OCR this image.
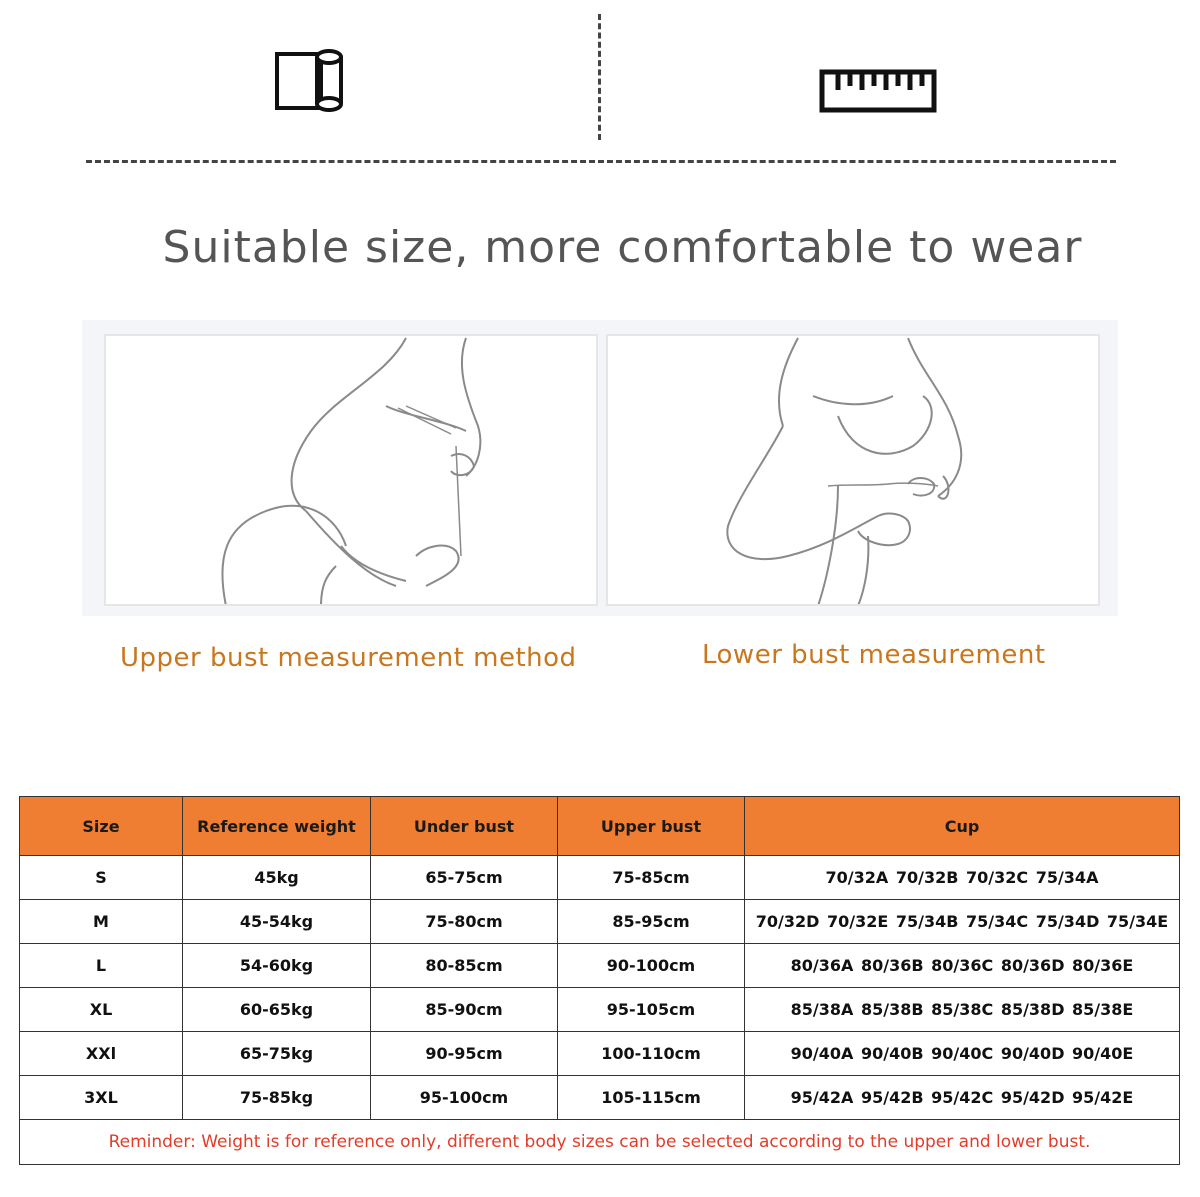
Suitable size, more comfortable to wear
Upper bust measurement method	Lower bust measurement
Size	Reference weight	Under bust	Upper bust	Cup
S	45kg	65-75cm	75-85cm	70/32A 70/32B 70/32C 75/34A
M	45-54kg	75-80cm	85-95cm	70/32D 70/32E 75/34B 75/34C 75/34D 75/34E
L	54-60kg	80-85cm	90-100cm	80/36A 80/36B 80/36C 80/36D 80/36E
XL	60-65kg	85-90cm	95-105cm	85/38A 85/38B 85/38C 85/38D 85/38E
XXl	65-75kg	90-95cm	100-110cm	90/40A 90/40B 90/40C 90/40D 90/40E
3XL	75-85kg	95-100cm	105-115cm	95/42A 95/42B 95/42C 95/42D 95/42E
Reminder: Weight is for reference only, different body sizes can be selected according to the upper and lower bust.				
